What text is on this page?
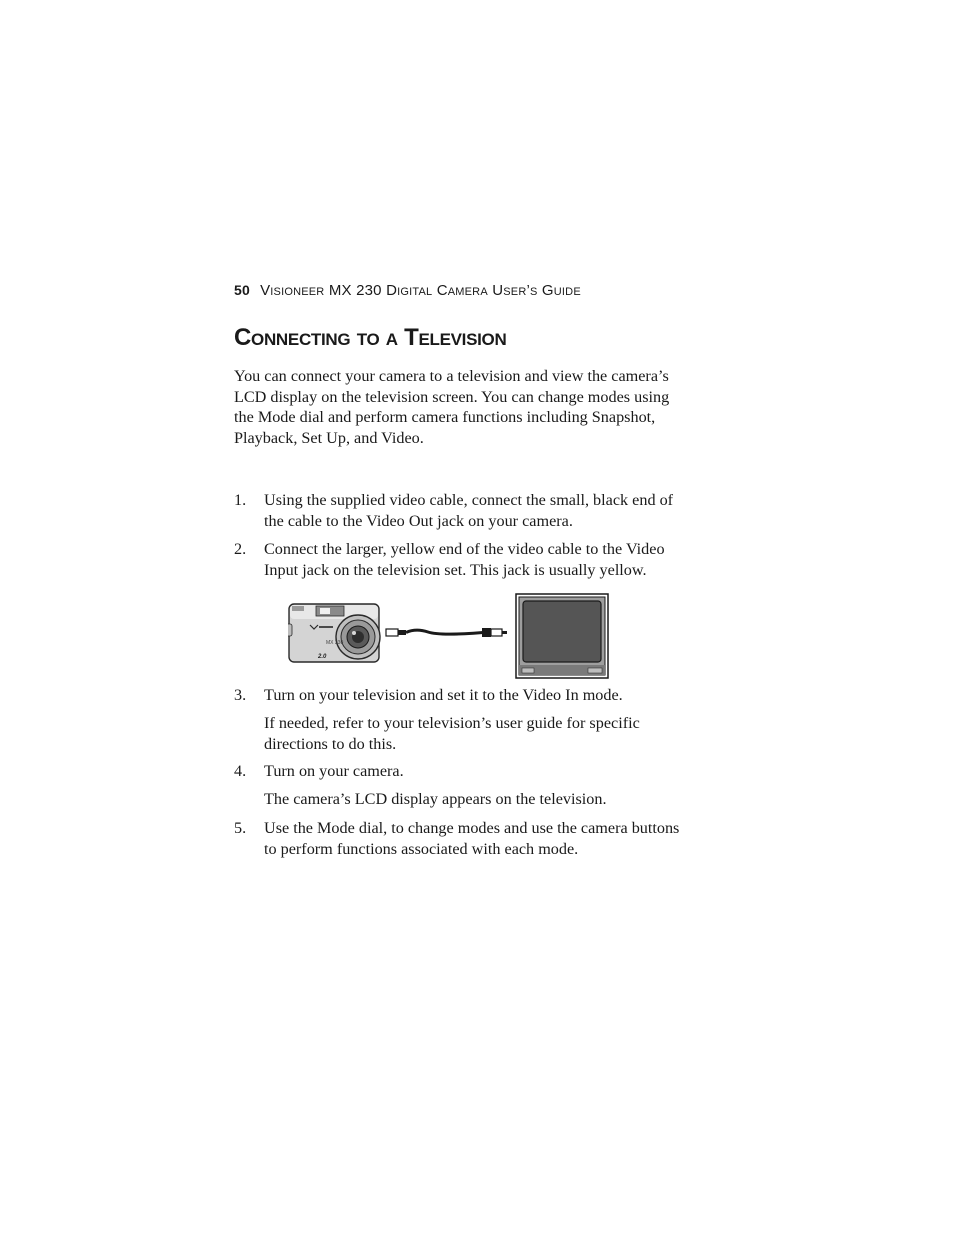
50 Visioneer MX 230 Digital Camera User’s Guide

Connecting to a Television

You can connect your camera to a television and view the camera’s LCD display on the television screen. You can change modes using the Mode dial and perform camera functions including Snapshot, Playback, Set Up, and Video.

1. Using the supplied video cable, connect the small, black end of the cable to the Video Out jack on your camera.
2. Connect the larger, yellow end of the video cable to the Video Input jack on the television set. This jack is usually yellow.
MX 230
2.0
3. Turn on your television and set it to the Video In mode.

If needed, refer to your television’s user guide for specific directions to do this.

4. Turn on your camera.

The camera’s LCD display appears on the television.

5. Use the Mode dial, to change modes and use the camera buttons to perform functions associated with each mode.
